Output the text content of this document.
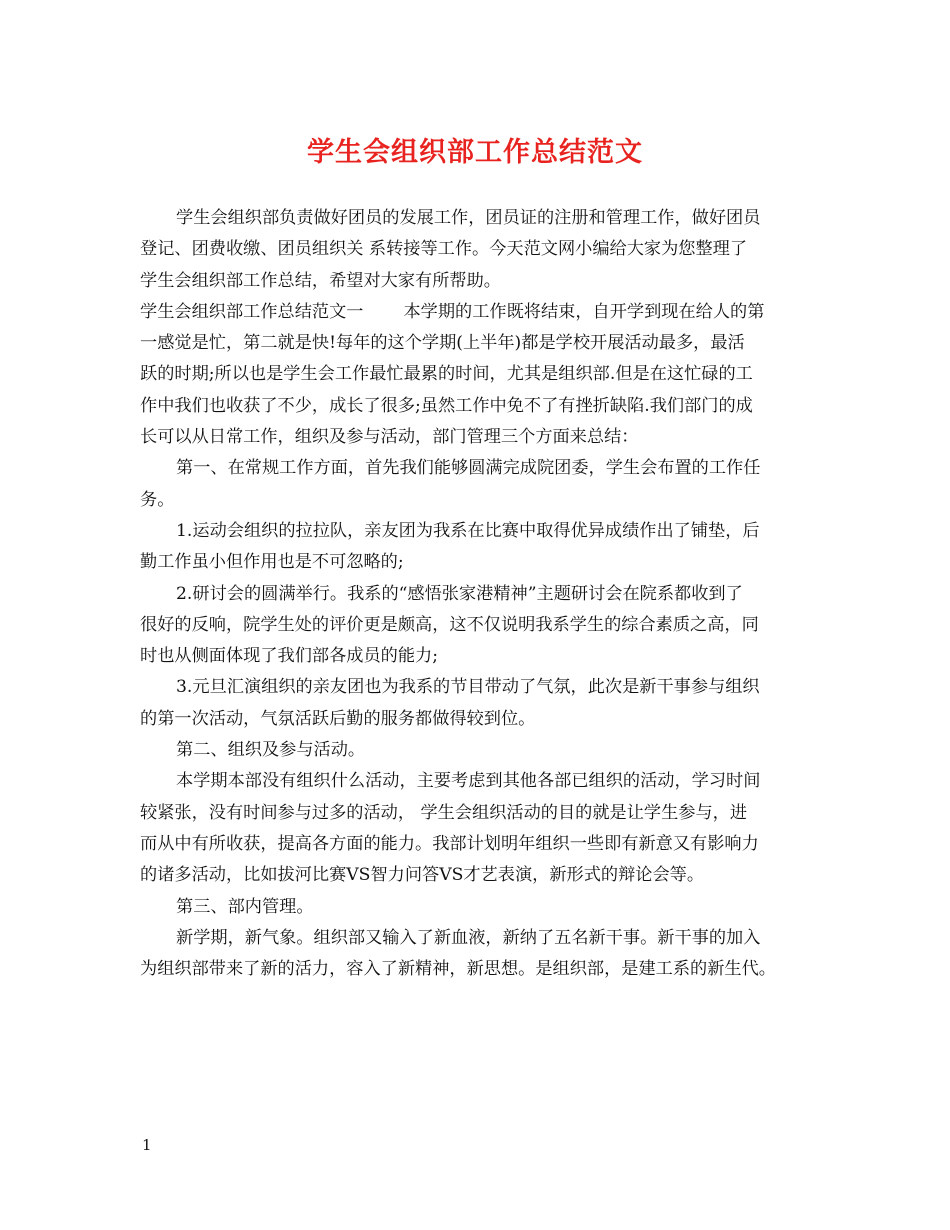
学生会组织部工作总结范文
学生会组织部负责做好团员的发展工作，团员证的注册和管理工作，做好团员
登记、团费收缴、团员组织关 系转接等工作。今天范文网小编给大家为您整理了
学生会组织部工作总结，希望对大家有所帮助。
学生会组织部工作总结范文一 本学期的工作既将结束，自开学到现在给人的第
一感觉是忙，第二就是快!每年的这个学期(上半年)都是学校开展活动最多，最活
跃的时期;所以也是学生会工作最忙最累的时间，尤其是组织部.但是在这忙碌的工
作中我们也收获了不少，成长了很多;虽然工作中免不了有挫折缺陷.我们部门的成
长可以从日常工作，组织及参与活动，部门管理三个方面来总结：
第一、在常规工作方面，首先我们能够圆满完成院团委，学生会布置的工作任
务。
1.运动会组织的拉拉队，亲友团为我系在比赛中取得优异成绩作出了铺垫，后
勤工作虽小但作用也是不可忽略的;
2.研讨会的圆满举行。我系的“感悟张家港精神”主题研讨会在院系都收到了
很好的反响，院学生处的评价更是颇高，这不仅说明我系学生的综合素质之高，同
时也从侧面体现了我们部各成员的能力;
3.元旦汇演组织的亲友团也为我系的节目带动了气氛，此次是新干事参与组织
的第一次活动，气氛活跃后勤的服务都做得较到位。
第二、组织及参与活动。
本学期本部没有组织什么活动，主要考虑到其他各部已组织的活动，学习时间
较紧张，没有时间参与过多的活动， 学生会组织活动的目的就是让学生参与，进
而从中有所收获，提高各方面的能力。我部计划明年组织一些即有新意又有影响力
的诸多活动，比如拔河比赛VS智力问答VS才艺表演，新形式的辩论会等。
第三、部内管理。
新学期，新气象。组织部又输入了新血液，新纳了五名新干事。新干事的加入
为组织部带来了新的活力，容入了新精神，新思想。是组织部，是建工系的新生代。
1
